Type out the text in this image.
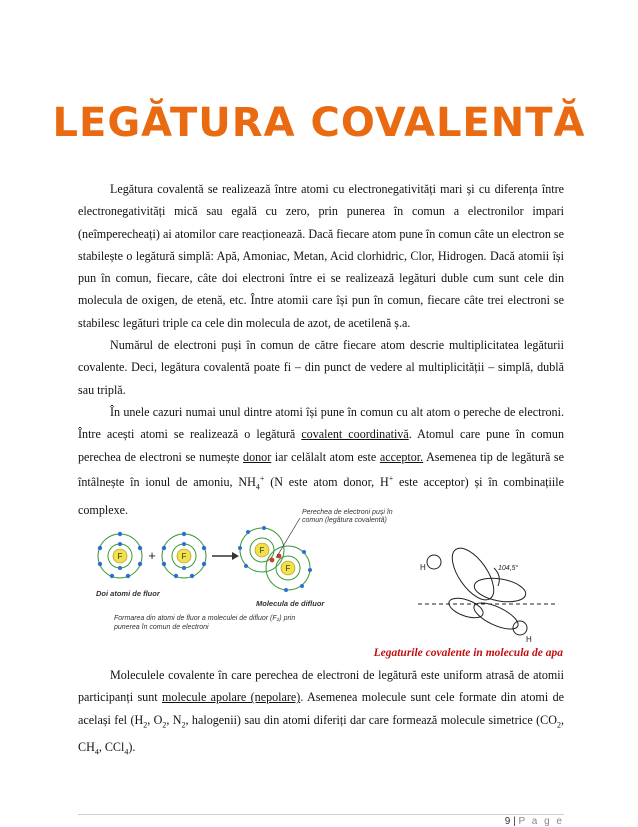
LEGĂTURA COVALENTĂ

Legătura covalentă se realizează între atomi cu electronegativități mari și cu diferența între electronegativități mică sau egală cu zero, prin punerea în comun a electronilor impari (neîmperecheați) ai atomilor care reacționează. Dacă fiecare atom pune în comun câte un electron se stabilește o legătură simplă: Apă, Amoniac, Metan, Acid clorhidric, Clor, Hidrogen. Dacă atomii își pun în comun, fiecare, câte doi electroni între ei se realizează legături duble cum sunt cele din molecula de oxigen, de etenă, etc. Între atomii care își pun în comun, fiecare câte trei electroni se stabilesc legături triple ca cele din molecula de azot, de acetilenă ș.a.

Numărul de electroni puși în comun de către fiecare atom descrie multiplicitatea legăturii covalente. Deci, legătura covalentă poate fi – din punct de vedere al multiplicității – simplă, dublă sau triplă.

În unele cazuri numai unul dintre atomi își pune în comun cu alt atom o pereche de electroni. Între acești atomi se realizează o legătură covalent coordinativă. Atomul care pune în comun perechea de electroni se numește donor iar celălalt atom este acceptor. Asemenea tip de legătură se întâlnește în ionul de amoniu, $NH_4^+$ (N este atom donor, H+ este acceptor) și în combinațiile complexe.

F +	F
Doi atomi de fluor
F
F
Perechea de electroni puși în
comun (legătura covalentă)
Molecula de difluor
Formarea din atomi de fluor a moleculei de difluor (F₂) prin
punerea în comun de electroni
H
H
104,5°
Legaturile covalente in molecula de apa

Moleculele covalente în care perechea de electroni de legătură este uniform atrasă de atomii participanți sunt molecule apolare (nepolare). Asemenea molecule sunt cele formate din atomi de același fel ($H_2$, $O_2$, $N_2$, halogenii) sau din atomi diferiți dar care formează molecule simetrice ($CO_2$, $CH_4$, CCl$_4$).

9 | P a g e
